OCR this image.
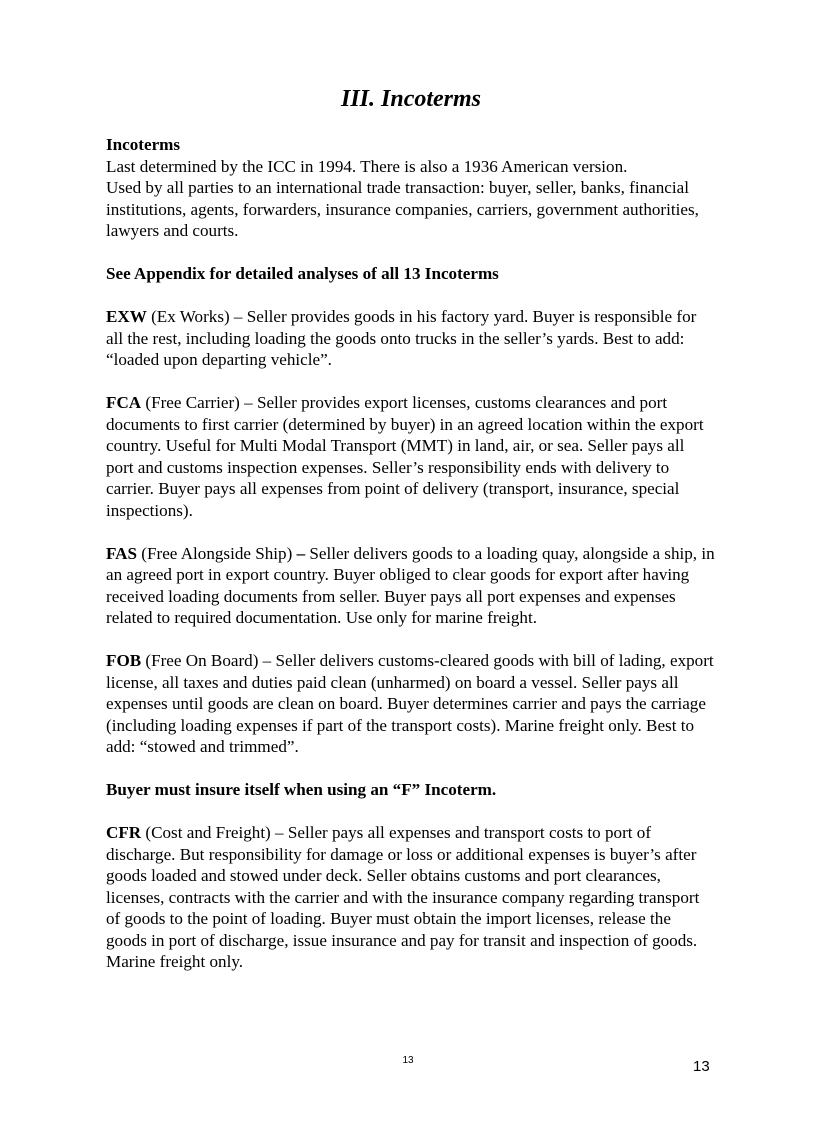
III. Incoterms

Incoterms

Last determined by the ICC in 1994. There is also a 1936 American version.

Used by all parties to an international trade transaction: buyer, seller, banks, financial institutions, agents, forwarders, insurance companies, carriers, government authorities, lawyers and courts.

See Appendix for detailed analyses of all 13 Incoterms

EXW (Ex Works) – Seller provides goods in his factory yard. Buyer is responsible for all the rest, including loading the goods onto trucks in the seller’s yards. Best to add: “loaded upon departing vehicle”.

FCA (Free Carrier) – Seller provides export licenses, customs clearances and port documents to first carrier (determined by buyer) in an agreed location within the export country. Useful for Multi Modal Transport (MMT) in land, air, or sea. Seller pays all port and customs inspection expenses. Seller’s responsibility ends with delivery to carrier. Buyer pays all expenses from point of delivery (transport, insurance, special inspections).

FAS (Free Alongside Ship) – Seller delivers goods to a loading quay, alongside a ship, in an agreed port in export country. Buyer obliged to clear goods for export after having received loading documents from seller. Buyer pays all port expenses and expenses related to required documentation. Use only for marine freight.

FOB (Free On Board) – Seller delivers customs-cleared goods with bill of lading, export license, all taxes and duties paid clean (unharmed) on board a vessel. Seller pays all expenses until goods are clean on board. Buyer determines carrier and pays the carriage (including loading expenses if part of the transport costs). Marine freight only. Best to add: “stowed and trimmed”.

Buyer must insure itself when using an “F” Incoterm.

CFR (Cost and Freight) – Seller pays all expenses and transport costs to port of discharge. But responsibility for damage or loss or additional expenses is buyer’s after goods loaded and stowed under deck. Seller obtains customs and port clearances, licenses, contracts with the carrier and with the insurance company regarding transport of goods to the point of loading. Buyer must obtain the import licenses, release the goods in port of discharge, issue insurance and pay for transit and inspection of goods. Marine freight only.

13	13
